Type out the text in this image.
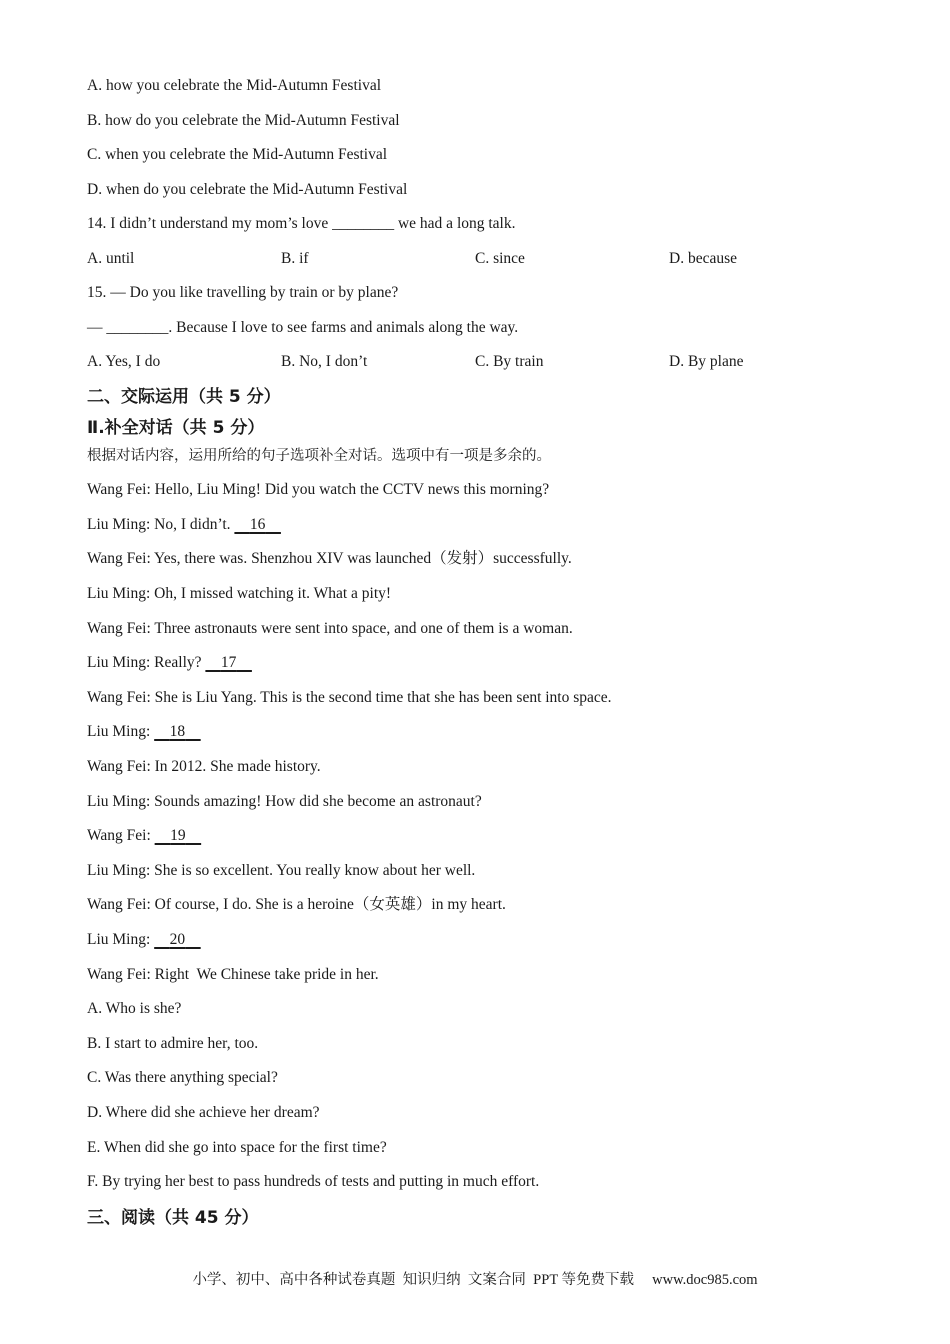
A. how you celebrate the Mid-Autumn Festival
B. how do you celebrate the Mid-Autumn Festival
C. when you celebrate the Mid-Autumn Festival
D. when do you celebrate the Mid-Autumn Festival
14. I didn’t understand my mom’s love ________ we had a long talk.
A. until	B. if	C. since	D. because
15. — Do you like travelling by train or by plane?
— ________. Because I love to see farms and animals along the way.
A. Yes, I do	B. No, I don’t	C. By train	D. By plane
二、交际运用（共 5 分）
Ⅱ.补全对话（共 5 分）
根据对话内容，运用所给的句子选项补全对话。选项中有一项是多余的。
Wang Fei: Hello, Liu Ming! Did you watch the CCTV news this morning?
Liu Ming: No, I didn’t.     16
Wang Fei: Yes, there was. Shenzhou XIV was launched（发射）successfully.
Liu Ming: Oh, I missed watching it. What a pity!
Wang Fei: Three astronauts were sent into space, and one of them is a woman.
Liu Ming: Really?     17
Wang Fei: She is Liu Yang. This is the second time that she has been sent into space.
Liu Ming:     18
Wang Fei: In 2012. She made history.
Liu Ming: Sounds amazing! How did she become an astronaut?
Wang Fei:     19
Liu Ming: She is so excellent. You really know about her well.
Wang Fei: Of course, I do. She is a heroine（女英雄）in my heart.
Liu Ming:     20
Wang Fei: Right  We Chinese take pride in her.
A. Who is she?
B. I start to admire her, too.
C. Was there anything special?
D. Where did she achieve her dream?
E. When did she go into space for the first time?
F. By trying her best to pass hundreds of tests and putting in much effort.
三、阅读（共 45 分）
小学、初中、高中各种试卷真题  知识归纳  文案合同  PPT 等免费下载     www.doc985.com
